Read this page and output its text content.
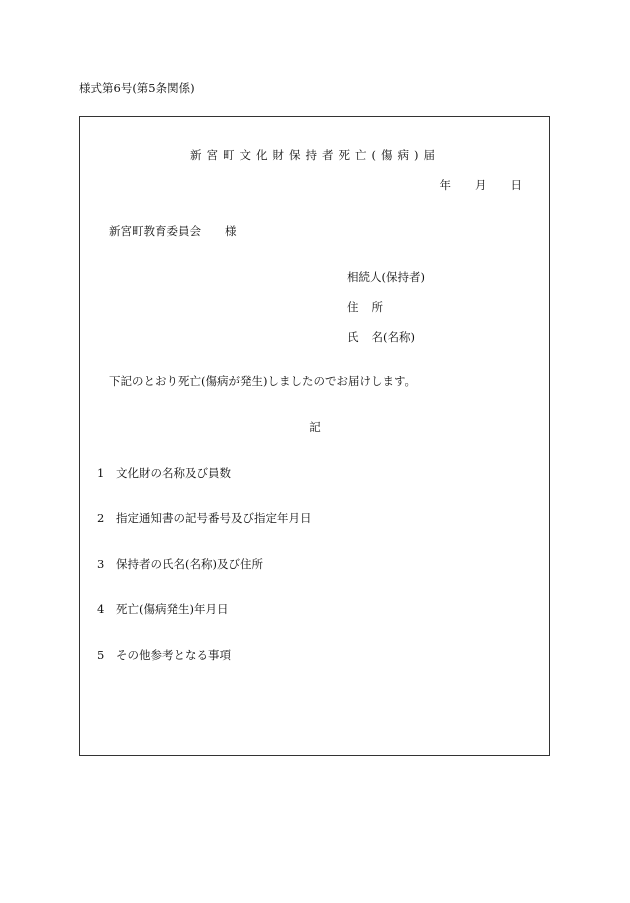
様式第6号(第5条関係)
新宮町文化財保持者死亡(傷病)届
年 月 日
新宮町教育委員会 様
相続人(保持者)
住 所
氏 名(名称)
下記のとおり死亡(傷病が発生)しましたのでお届けします。
記
1 文化財の名称及び員数
2 指定通知書の記号番号及び指定年月日
3 保持者の氏名(名称)及び住所
4 死亡(傷病発生)年月日
5 その他参考となる事項
